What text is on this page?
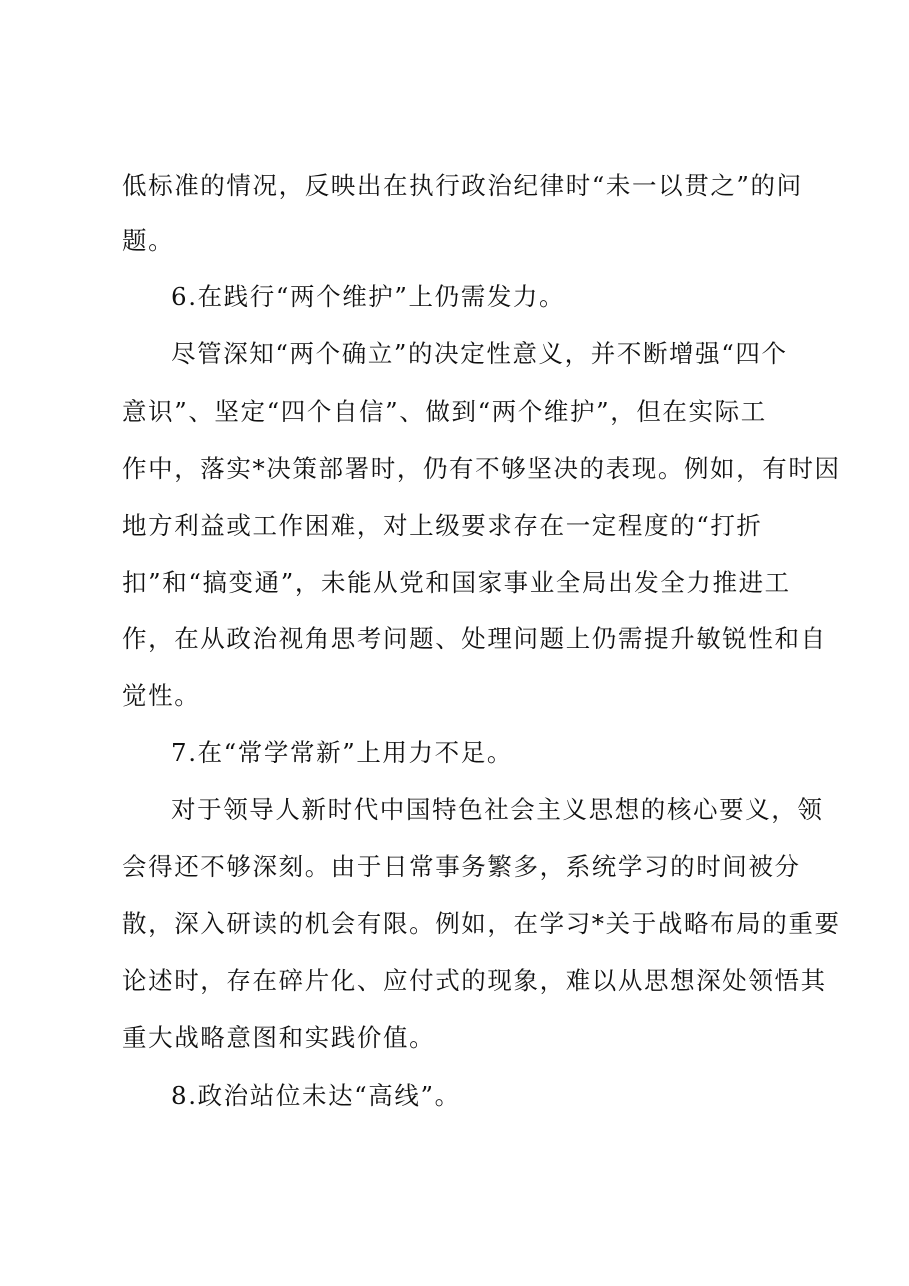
低标准的情况，反映出在执行政治纪律时“未一以贯之”的问
题。
6.在践行“两个维护”上仍需发力。
尽管深知“两个确立”的决定性意义，并不断增强“四个
意识”、坚定“四个自信”、做到“两个维护”，但在实际工
作中，落实*决策部署时，仍有不够坚决的表现。例如，有时因
地方利益或工作困难，对上级要求存在一定程度的“打折
扣”和“搞变通”，未能从党和国家事业全局出发全力推进工
作，在从政治视角思考问题、处理问题上仍需提升敏锐性和自
觉性。
7.在“常学常新”上用力不足。
对于领导人新时代中国特色社会主义思想的核心要义，领
会得还不够深刻。由于日常事务繁多，系统学习的时间被分
散，深入研读的机会有限。例如，在学习*关于战略布局的重要
论述时，存在碎片化、应付式的现象，难以从思想深处领悟其
重大战略意图和实践价值。
8.政治站位未达“高线”。
